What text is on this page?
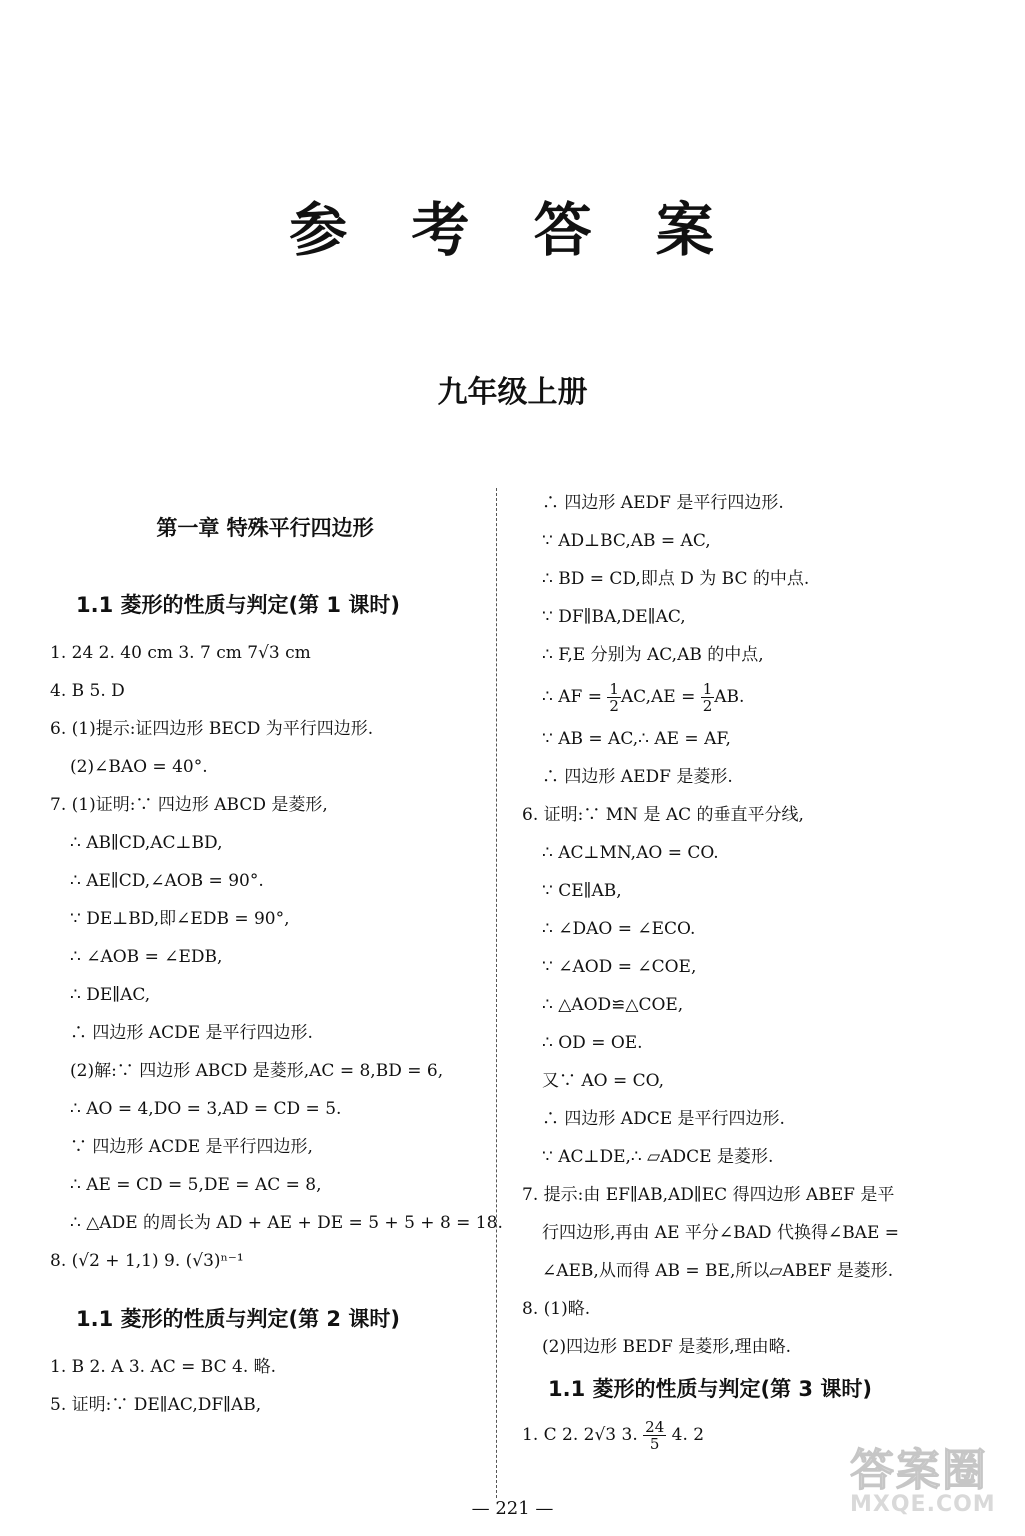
参 考 答 案
九年级上册
第一章 特殊平行四边形
1.1 菱形的性质与判定(第 1 课时)
1. 24 2. 40 cm 3. 7 cm 7√3 cm
4. B 5. D
6. (1)提示:证四边形 BECD 为平行四边形.
(2)∠BAO = 40°.
7. (1)证明:∵ 四边形 ABCD 是菱形,
∴ AB∥CD,AC⊥BD,
∴ AE∥CD,∠AOB = 90°.
∵ DE⊥BD,即∠EDB = 90°,
∴ ∠AOB = ∠EDB,
∴ DE∥AC,
∴ 四边形 ACDE 是平行四边形.
(2)解:∵ 四边形 ABCD 是菱形,AC = 8,BD = 6,
∴ AO = 4,DO = 3,AD = CD = 5.
∵ 四边形 ACDE 是平行四边形,
∴ AE = CD = 5,DE = AC = 8,
∴ △ADE 的周长为 AD + AE + DE = 5 + 5 + 8 = 18.
8. (√2 + 1,1) 9. (√3)ⁿ⁻¹
1.1 菱形的性质与判定(第 2 课时)
1. B 2. A 3. AC = BC 4. 略.
5. 证明:∵ DE∥AC,DF∥AB,
∴ 四边形 AEDF 是平行四边形.
∵ AD⊥BC,AB = AC,
∴ BD = CD,即点 D 为 BC 的中点.
∵ DF∥BA,DE∥AC,
∴ F,E 分别为 AC,AB 的中点,
∴ AF = $\frac{1}{2} AC,AE = \frac{1}{2}$ AB.
∵ AB = AC,∴ AE = AF,
∴ 四边形 AEDF 是菱形.
6. 证明:∵ MN 是 AC 的垂直平分线,
∴ AC⊥MN,AO = CO.
∵ CE∥AB,
∴ ∠DAO = ∠ECO.
∵ ∠AOD = ∠COE,
∴ △AOD≌△COE,
∴ OD = OE.
又∵ AO = CO,
∴ 四边形 ADCE 是平行四边形.
∵ AC⊥DE,∴ ▱ADCE 是菱形.
7. 提示:由 EF∥AB,AD∥EC 得四边形 ABEF 是平
行四边形,再由 AE 平分∠BAD 代换得∠BAE =
∠AEB,从而得 AB = BE,所以▱ABEF 是菱形.
8. (1)略.
(2)四边形 BEDF 是菱形,理由略.
1.1 菱形的性质与判定(第 3 课时)
1. C 2. 2√3 3. $\frac{24}{5} 4$. 2
— 221 —
答案圈
MXQE.COM
